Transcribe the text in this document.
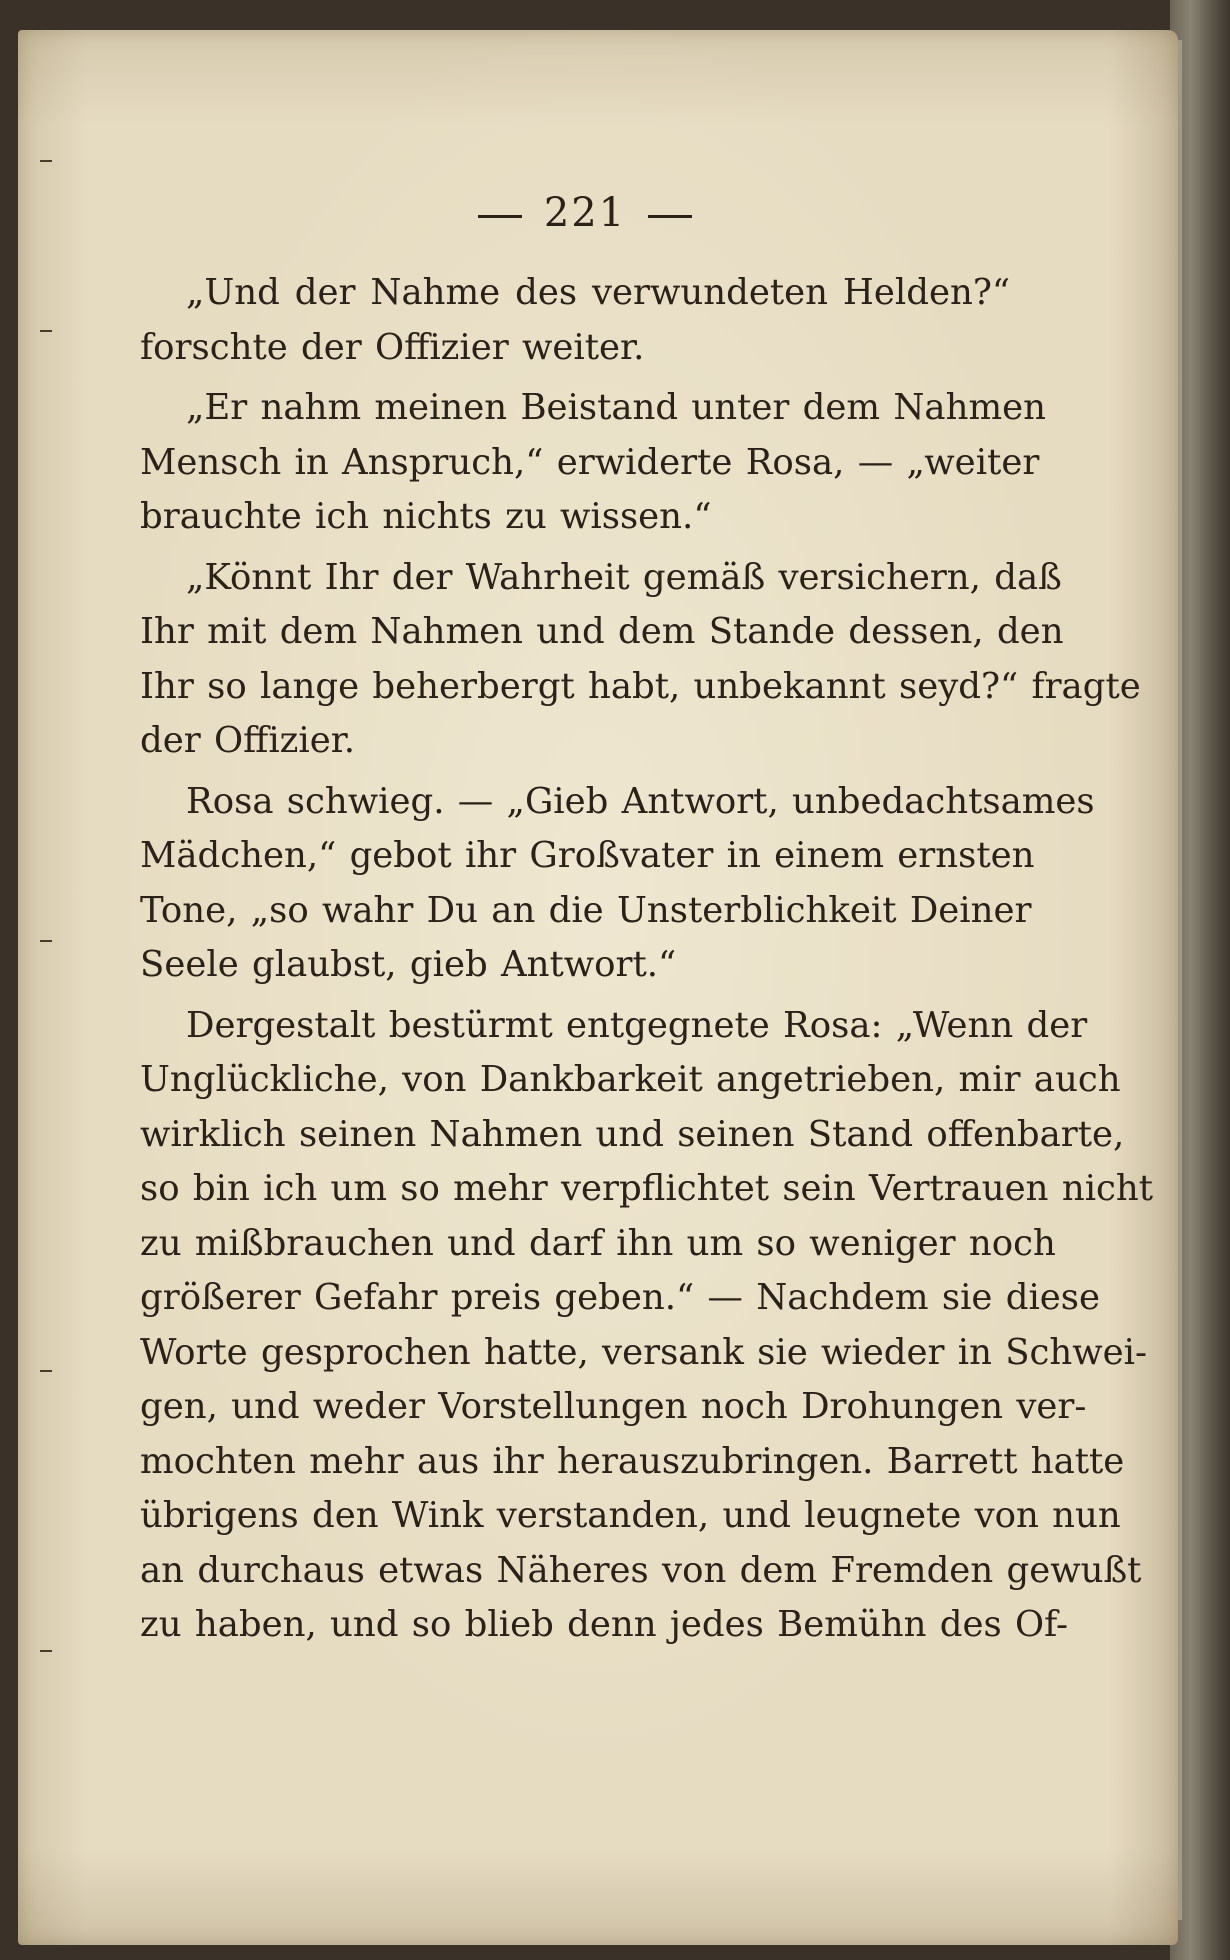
221
„Und der Nahme des verwundeten Helden?“
forschte der Offizier weiter.
„Er nahm meinen Beistand unter dem Nahmen
Mensch in Anspruch,“ erwiderte Rosa, — „weiter
brauchte ich nichts zu wissen.“
„Könnt Ihr der Wahrheit gemäß versichern, daß
Ihr mit dem Nahmen und dem Stande dessen, den
Ihr so lange beherbergt habt, unbekannt seyd?“ fragte
der Offizier.
Rosa schwieg. — „Gieb Antwort, unbedachtsames
Mädchen,“ gebot ihr Großvater in einem ernsten
Tone, „so wahr Du an die Unsterblichkeit Deiner
Seele glaubst, gieb Antwort.“
Dergestalt bestürmt entgegnete Rosa: „Wenn der
Unglückliche, von Dankbarkeit angetrieben, mir auch
wirklich seinen Nahmen und seinen Stand offenbarte,
so bin ich um so mehr verpflichtet sein Vertrauen nicht
zu mißbrauchen und darf ihn um so weniger noch
größerer Gefahr preis geben.“ — Nachdem sie diese
Worte gesprochen hatte, versank sie wieder in Schwei-
gen, und weder Vorstellungen noch Drohungen ver-
mochten mehr aus ihr herauszubringen. Barrett hatte
übrigens den Wink verstanden, und leugnete von nun
an durchaus etwas Näheres von dem Fremden gewußt
zu haben, und so blieb denn jedes Bemühn des Of-
